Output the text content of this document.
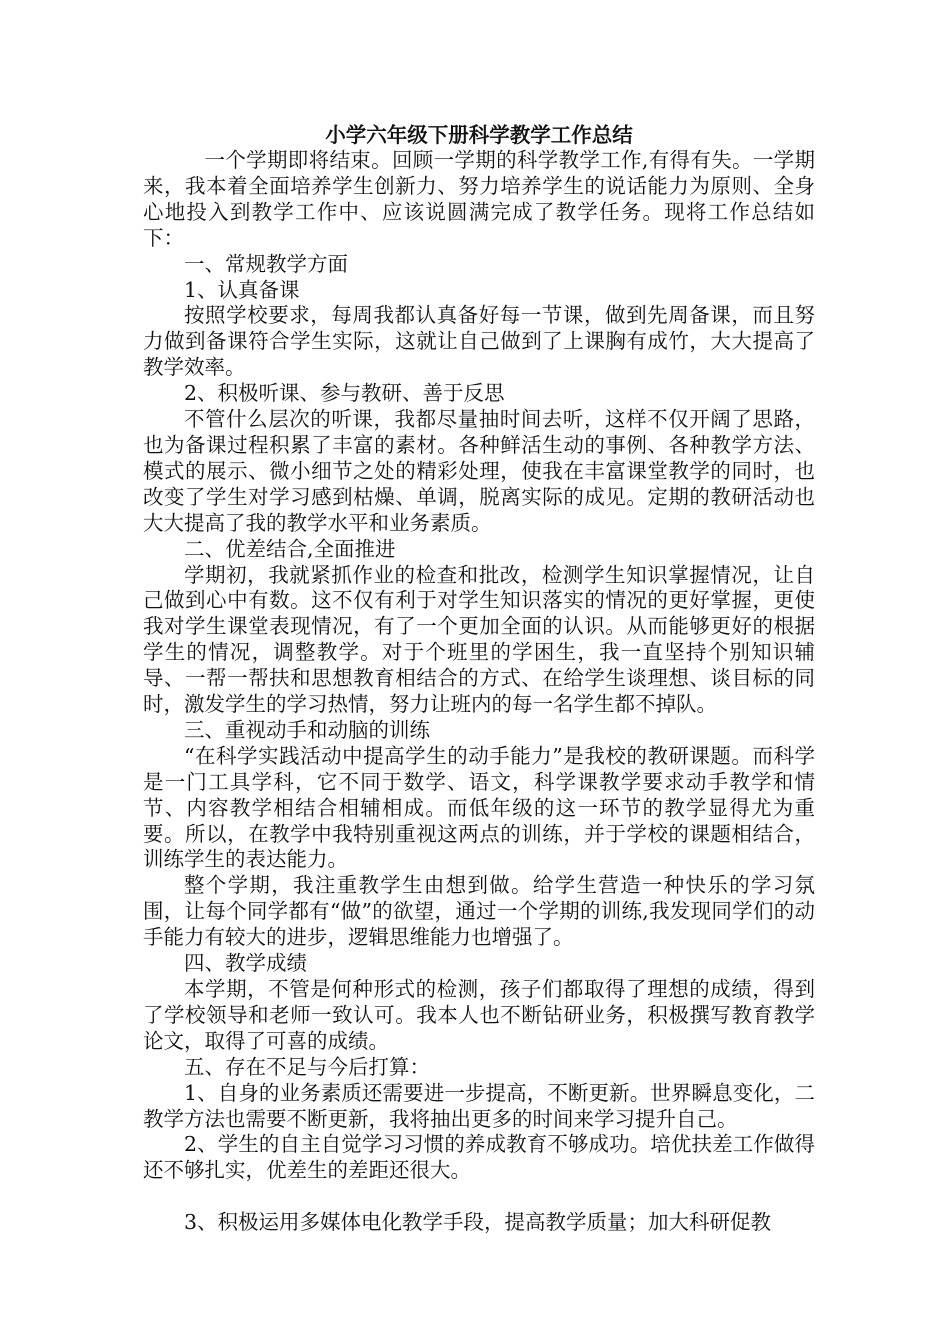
小学六年级下册科学教学工作总结

一个学期即将结束。回顾一学期的科学教学工作,有得有失。一学期来，我本着全面培养学生创新力、努力培养学生的说话能力为原则、全身心地投入到教学工作中、应该说圆满完成了教学任务。现将工作总结如下：

一、常规教学方面

1、认真备课

按照学校要求，每周我都认真备好每一节课，做到先周备课，而且努力做到备课符合学生实际，这就让自己做到了上课胸有成竹，大大提高了教学效率。

2、积极听课、参与教研、善于反思

不管什么层次的听课，我都尽量抽时间去听，这样不仅开阔了思路，也为备课过程积累了丰富的素材。各种鲜活生动的事例、各种教学方法、模式的展示、微小细节之处的精彩处理，使我在丰富课堂教学的同时，也改变了学生对学习感到枯燥、单调，脱离实际的成见。定期的教研活动也大大提高了我的教学水平和业务素质。

二、优差结合,全面推进

学期初，我就紧抓作业的检查和批改，检测学生知识掌握情况，让自己做到心中有数。这不仅有利于对学生知识落实的情况的更好掌握，更使我对学生课堂表现情况，有了一个更加全面的认识。从而能够更好的根据学生的情况，调整教学。对于个班里的学困生，我一直坚持个别知识辅导、一帮一帮扶和思想教育相结合的方式、在给学生谈理想、谈目标的同时，激发学生的学习热情，努力让班内的每一名学生都不掉队。

三、重视动手和动脑的训练

“在科学实践活动中提高学生的动手能力”是我校的教研课题。而科学是一门工具学科，它不同于数学、语文，科学课教学要求动手教学和情节、内容教学相结合相辅相成。而低年级的这一环节的教学显得尤为重要。所以，在教学中我特别重视这两点的训练，并于学校的课题相结合，训练学生的表达能力。

整个学期，我注重教学生由想到做。给学生营造一种快乐的学习氛围，让每个同学都有“做”的欲望，通过一个学期的训练,我发现同学们的动手能力有较大的进步，逻辑思维能力也增强了。

四、教学成绩

本学期，不管是何种形式的检测，孩子们都取得了理想的成绩，得到了学校领导和老师一致认可。我本人也不断钻研业务，积极撰写教育教学论文，取得了可喜的成绩。

五、存在不足与今后打算：

1、自身的业务素质还需要进一步提高，不断更新。世界瞬息变化，二教学方法也需要不断更新，我将抽出更多的时间来学习提升自己。

2、学生的自主自觉学习习惯的养成教育不够成功。培优扶差工作做得还不够扎实，优差生的差距还很大。

3、积极运用多媒体电化教学手段，提高教学质量；加大科研促教
